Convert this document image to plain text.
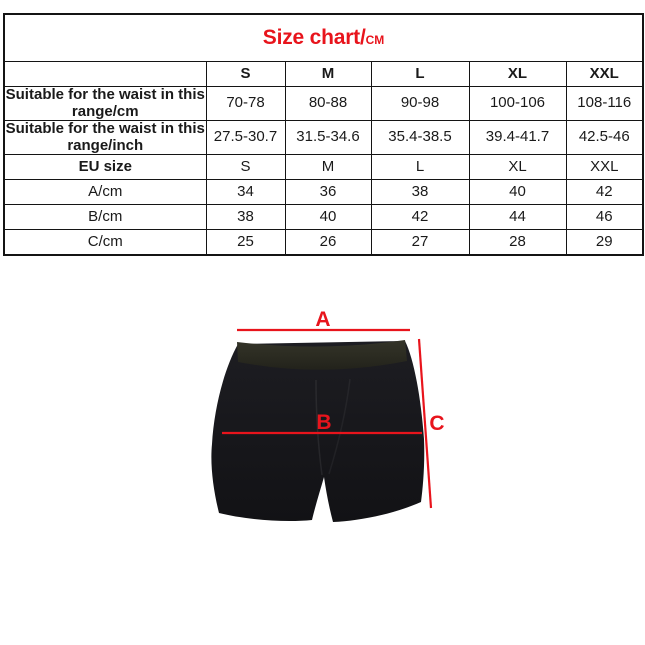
Size chart/CM					
	S	M	L	XL	XXL
Suitable for the waist in this range/cm	70-78	80-88	90-98	100-106	108-116
Suitable for the waist in this range/inch	27.5-30.7	31.5-34.6	35.4-38.5	39.4-41.7	42.5-46
EU size	S	M	L	XL	XXL
A/cm	34	36	38	40	42
B/cm	38	40	42	44	46
C/cm	25	26	27	28	29
A
B	C
